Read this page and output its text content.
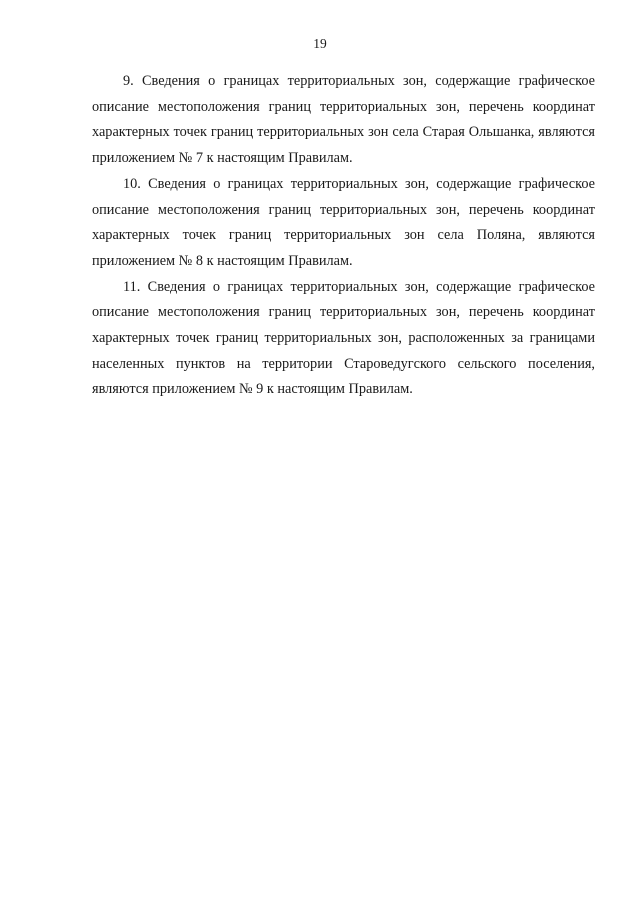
19

9. Сведения о границах территориальных зон, содержащие графическое описание местоположения границ территориальных зон, перечень координат характерных точек границ территориальных зон села Старая Ольшанка, являются приложением № 7 к настоящим Правилам.

10. Сведения о границах территориальных зон, содержащие графическое описание местоположения границ территориальных зон, перечень координат характерных точек границ территориальных зон села Поляна, являются приложением № 8 к настоящим Правилам.

11. Сведения о границах территориальных зон, содержащие графическое описание местоположения границ территориальных зон, перечень координат характерных точек границ территориальных зон, расположенных за границами населенных пунктов на территории Староведугского сельского поселения, являются приложением № 9 к настоящим Правилам.
